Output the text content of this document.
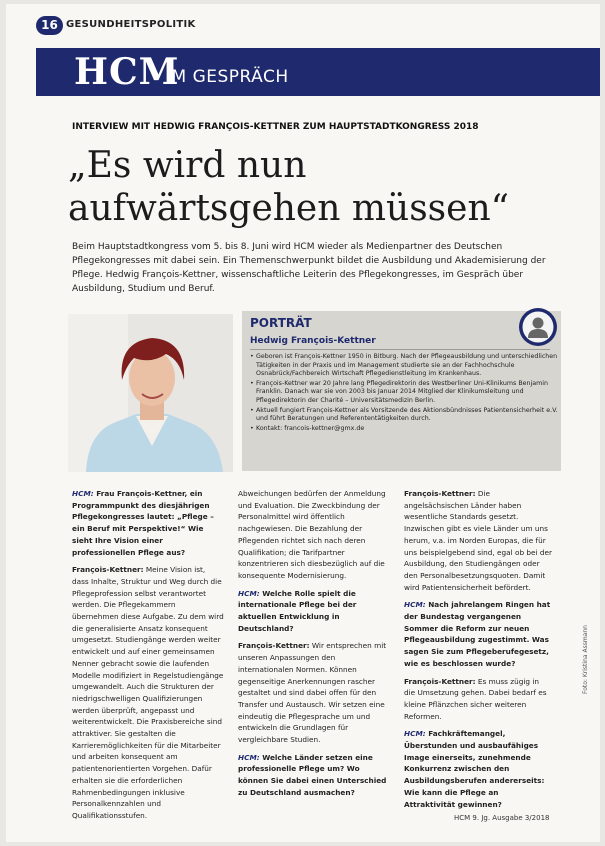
16 GESUNDHEITSPOLITIK
HCM
IM GESPRÄCH
INTERVIEW MIT HEDWIG FRANÇOIS-KETTNER ZUM HAUPTSTADTKONGRESS 2018
„Es wird nun
aufwärtsgehen müssen“
Beim Hauptstadtkongress vom 5. bis 8. Juni wird HCM wieder als Medienpartner des Deutschen Pflegekongresses mit dabei sein. Ein Themenschwerpunkt bildet die Ausbildung und Akademisierung der Pflege. Hedwig François-Kettner, wissenschaftliche Leiterin des Pflegekongresses, im Gespräch über Ausbildung, Studium und Beruf.
PORTRÄT
Hedwig François-Kettner
• Geboren ist François-Kettner 1950 in Bitburg. Nach der Pflegeausbildung und unterschiedlichen Tätigkeiten in der Praxis und im Management studierte sie an der Fachhochschule Osnabrück/Fachbereich Wirtschaft Pflegedienstleitung im Krankenhaus.
• François-Kettner war 20 Jahre lang Pflegedirektorin des Westberliner Uni-Klinikums Benjamin Franklin. Danach war sie von 2003 bis Januar 2014 Mitglied der Klinikumsleitung und Pflegedirektorin der Charité – Universitätsmedizin Berlin.
• Aktuell fungiert François-Kettner als Vorsitzende des Aktionsbündnisses Patientensicherheit e.V. und führt Beratungen und Referententätigkeiten durch.
• Kontakt: francois-kettner@gmx.de

HCM: Frau François-Kettner, ein Programmpunkt des diesjährigen Pflegekongresses lautet: „Pflege – ein Beruf mit Perspektive!“ Wie sieht Ihre Vision einer professionellen Pflege aus?

François-Kettner: Meine Vision ist, dass Inhalte, Struktur und Weg durch die Pflegeprofession selbst verantwortet werden. Die Pflegekammern übernehmen diese Aufgabe. Zu dem wird die generalisierte Ansatz konsequent umgesetzt. Studiengänge werden weiter entwickelt und auf einer gemeinsamen Nenner gebracht sowie die laufenden Modelle modifiziert in Regelstudiengänge umgewandelt. Auch die Strukturen der niedrigschwelligen Qualifizierungen werden überprüft, angepasst und weiterentwickelt. Die Praxisbereiche sind attraktiver. Sie gestalten die Karrieremöglichkeiten für die Mitarbeiter und arbeiten konsequent am patientenorientierten Vorgehen. Dafür erhalten sie die erforderlichen Rahmenbedingungen inklusive Personalkennzahlen und Qualifikationsstufen.

Abweichungen bedürfen der Anmeldung und Evaluation. Die Zweckbindung der Personalmittel wird öffentlich nachgewiesen. Die Bezahlung der Pflegenden richtet sich nach deren Qualifikation; die Tarifpartner konzentrieren sich diesbezüglich auf die konsequente Modernisierung.

HCM: Welche Rolle spielt die internationale Pflege bei der aktuellen Entwicklung in Deutschland?

François-Kettner: Wir entsprechen mit unseren Anpassungen den internationalen Normen. Können gegenseitige Anerkennungen rascher gestaltet und sind dabei offen für den Transfer und Austausch. Wir setzen eine eindeutig die Pflegesprache um und entwickeln die Grundlagen für vergleichbare Studien.

HCM: Welche Länder setzen eine professionelle Pflege um? Wo können Sie dabei einen Unterschied zu Deutschland ausmachen?

François-Kettner: Die angelsächsischen Länder haben wesentliche Standards gesetzt. Inzwischen gibt es viele Länder um uns herum, v.a. im Norden Europas, die für uns beispielgebend sind, egal ob bei der Ausbildung, den Studiengängen oder den Personalbesetzungsquoten. Damit wird Patientensicherheit befördert.

HCM: Nach jahrelangem Ringen hat der Bundestag vergangenen Sommer die Reform zur neuen Pflegeausbildung zugestimmt. Was sagen Sie zum Pflegeberufegesetz, wie es beschlossen wurde?

François-Kettner: Es muss zügig in die Umsetzung gehen. Dabei bedarf es kleine Pflänzchen sicher weiteren Reformen.

HCM: Fachkräftemangel, Überstunden und ausbaufähiges Image einerseits, zunehmende Konkurrenz zwischen den Ausbildungsberufen andererseits: Wie kann die Pflege an Attraktivität gewinnen?

Foto: Kristina Assmann
HCM 9. Jg. Ausgabe 3/2018
